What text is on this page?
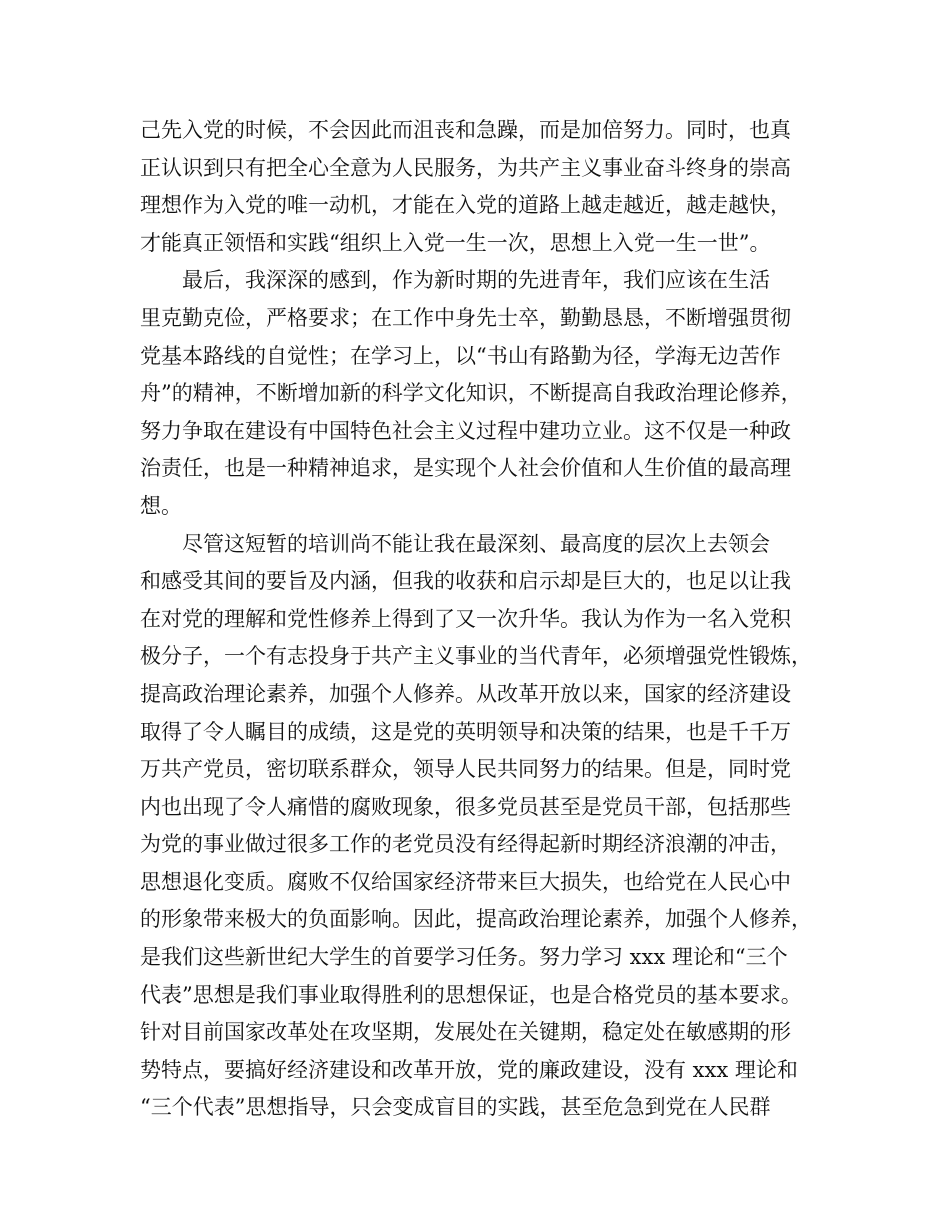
己先入党的时候，不会因此而沮丧和急躁，而是加倍努力。同时，也真
正认识到只有把全心全意为人民服务，为共产主义事业奋斗终身的崇高
理想作为入党的唯一动机，才能在入党的道路上越走越近，越走越快，
才能真正领悟和实践“组织上入党一生一次，思想上入党一生一世”。
最后，我深深的感到，作为新时期的先进青年，我们应该在生活
里克勤克俭，严格要求；在工作中身先士卒，勤勤恳恳，不断增强贯彻
党基本路线的自觉性；在学习上，以“书山有路勤为径，学海无边苦作
舟”的精神，不断增加新的科学文化知识，不断提高自我政治理论修养，
努力争取在建设有中国特色社会主义过程中建功立业。这不仅是一种政
治责任，也是一种精神追求，是实现个人社会价值和人生价值的最高理
想。
尽管这短暂的培训尚不能让我在最深刻、最高度的层次上去领会
和感受其间的要旨及内涵，但我的收获和启示却是巨大的，也足以让我
在对党的理解和党性修养上得到了又一次升华。我认为作为一名入党积
极分子，一个有志投身于共产主义事业的当代青年，必须增强党性锻炼，
提高政治理论素养，加强个人修养。从改革开放以来，国家的经济建设
取得了令人瞩目的成绩，这是党的英明领导和决策的结果，也是千千万
万共产党员，密切联系群众，领导人民共同努力的结果。但是，同时党
内也出现了令人痛惜的腐败现象，很多党员甚至是党员干部，包括那些
为党的事业做过很多工作的老党员没有经得起新时期经济浪潮的冲击，
思想退化变质。腐败不仅给国家经济带来巨大损失，也给党在人民心中
的形象带来极大的负面影响。因此，提高政治理论素养，加强个人修养，
是我们这些新世纪大学生的首要学习任务。努力学习 xxx 理论和“三个
代表”思想是我们事业取得胜利的思想保证，也是合格党员的基本要求。
针对目前国家改革处在攻坚期，发展处在关键期，稳定处在敏感期的形
势特点，要搞好经济建设和改革开放，党的廉政建设，没有 xxx 理论和
“三个代表”思想指导，只会变成盲目的实践，甚至危急到党在人民群
